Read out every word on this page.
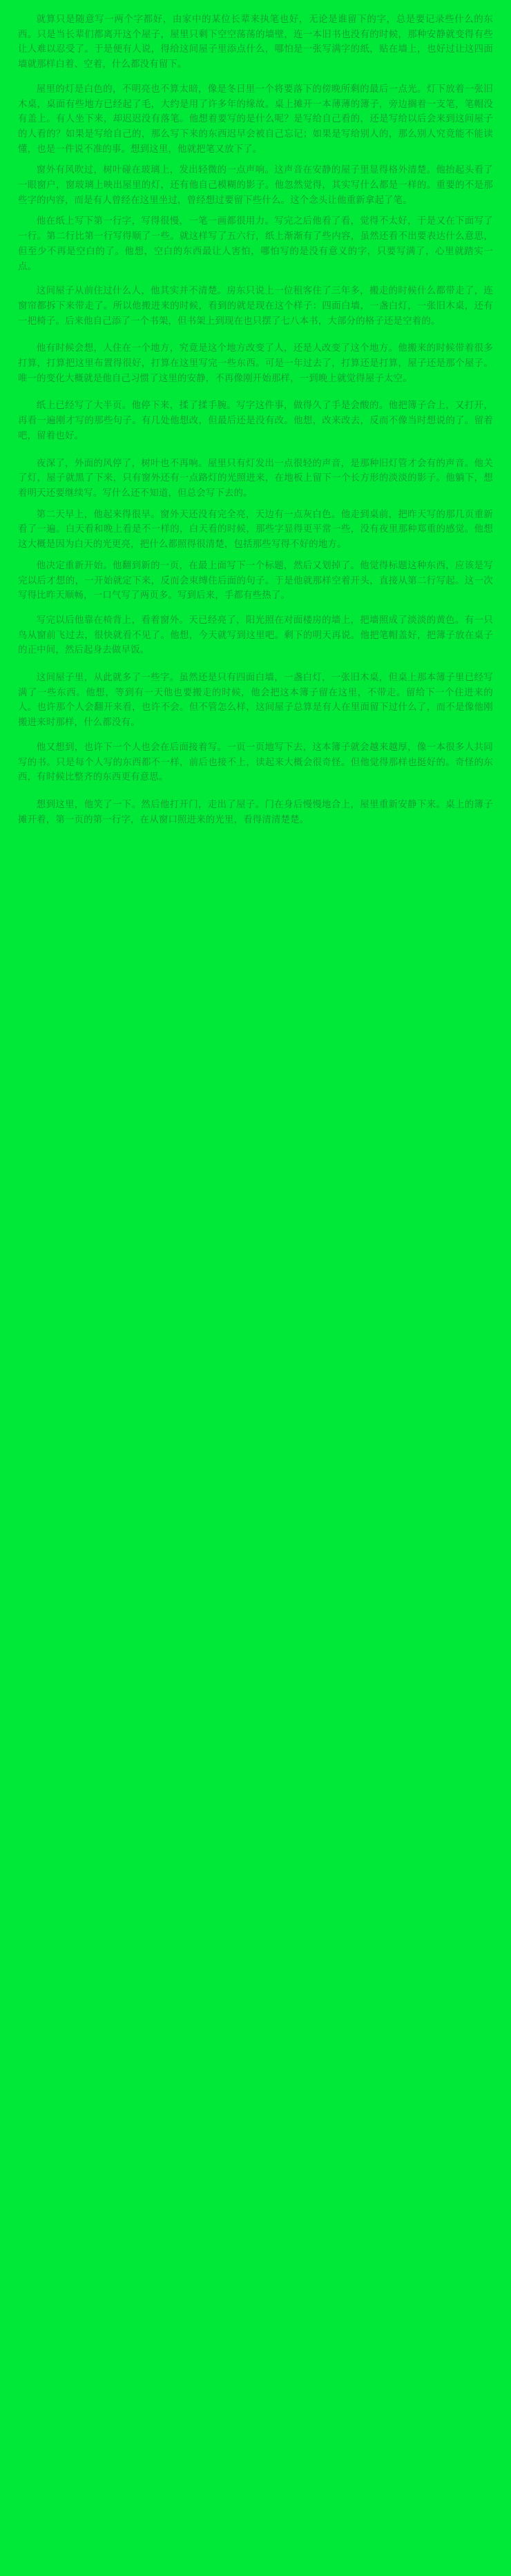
就算只是随意写一两个字都好，由家中的某位长辈来执笔也好，无论是谁留下的字，总是要记录些什么的东西。只是当长辈们都离开这个屋子，屋里只剩下空空荡荡的墙壁，连一本旧书也没有的时候，那种安静就变得有些让人难以忍受了。于是便有人说，得给这间屋子里添点什么，哪怕是一张写满字的纸，贴在墙上，也好过让这四面墙就那样白着、空着，什么都没有留下。

屋里的灯是白色的，不明亮也不算太暗，像是冬日里一个将要落下的傍晚所剩的最后一点光。灯下放着一张旧木桌，桌面有些地方已经起了毛，大约是用了许多年的缘故。桌上摊开一本薄薄的簿子，旁边搁着一支笔，笔帽没有盖上。有人坐下来，却迟迟没有落笔。他想着要写的是什么呢？是写给自己看的，还是写给以后会来到这间屋子的人看的？如果是写给自己的，那么写下来的东西迟早会被自己忘记；如果是写给别人的，那么别人究竟能不能读懂，也是一件说不准的事。想到这里，他就把笔又放下了。

窗外有风吹过，树叶碰在玻璃上，发出轻微的一点声响。这声音在安静的屋子里显得格外清楚。他抬起头看了一眼窗户，窗玻璃上映出屋里的灯，还有他自己模糊的影子。他忽然觉得，其实写什么都是一样的。重要的不是那些字的内容，而是有人曾经在这里坐过，曾经想过要留下些什么。这个念头让他重新拿起了笔。

他在纸上写下第一行字，写得很慢，一笔一画都很用力。写完之后他看了看，觉得不太好，于是又在下面写了一行。第二行比第一行写得顺了一些。就这样写了五六行，纸上渐渐有了些内容，虽然还看不出要表达什么意思，但至少不再是空白的了。他想，空白的东西最让人害怕，哪怕写的是没有意义的字，只要写满了，心里就踏实一点。

这间屋子从前住过什么人，他其实并不清楚。房东只说上一位租客住了三年多，搬走的时候什么都带走了，连窗帘都拆下来带走了。所以他搬进来的时候，看到的就是现在这个样子：四面白墙，一盏白灯，一张旧木桌，还有一把椅子。后来他自己添了一个书架，但书架上到现在也只摆了七八本书，大部分的格子还是空着的。

他有时候会想，人住在一个地方，究竟是这个地方改变了人，还是人改变了这个地方。他搬来的时候带着很多打算，打算把这里布置得很好，打算在这里写完一些东西。可是一年过去了，打算还是打算，屋子还是那个屋子。唯一的变化大概就是他自己习惯了这里的安静，不再像刚开始那样，一到晚上就觉得屋子太空。

纸上已经写了大半页。他停下来，揉了揉手腕。写字这件事，做得久了手是会酸的。他把簿子合上，又打开，再看一遍刚才写的那些句子。有几处他想改，但最后还是没有改。他想，改来改去，反而不像当时想说的了。留着吧，留着也好。

夜深了，外面的风停了，树叶也不再响。屋里只有灯发出一点很轻的声音，是那种旧灯管才会有的声音。他关了灯，屋子就黑了下来，只有窗外还有一点路灯的光照进来，在地板上留下一个长方形的淡淡的影子。他躺下，想着明天还要继续写。写什么还不知道，但总会写下去的。

第二天早上，他起来得很早。窗外天还没有完全亮，天边有一点灰白色。他走到桌前，把昨天写的那几页重新看了一遍。白天看和晚上看是不一样的，白天看的时候，那些字显得更平常一些，没有夜里那种郑重的感觉。他想这大概是因为白天的光更亮，把什么都照得很清楚，包括那些写得不好的地方。

他决定重新开始。他翻到新的一页，在最上面写下一个标题，然后又划掉了。他觉得标题这种东西，应该是写完以后才想的，一开始就定下来，反而会束缚住后面的句子。于是他就那样空着开头，直接从第二行写起。这一次写得比昨天顺畅，一口气写了两页多。写到后来，手都有些热了。

写完以后他靠在椅背上，看着窗外。天已经亮了，阳光照在对面楼房的墙上，把墙照成了淡淡的黄色。有一只鸟从窗前飞过去，很快就看不见了。他想，今天就写到这里吧。剩下的明天再说。他把笔帽盖好，把簿子放在桌子的正中间，然后起身去做早饭。

这间屋子里，从此就多了一些字。虽然还是只有四面白墙，一盏白灯，一张旧木桌，但桌上那本簿子里已经写满了一些东西。他想，等到有一天他也要搬走的时候，他会把这本簿子留在这里，不带走。留给下一个住进来的人。也许那个人会翻开来看，也许不会。但不管怎么样，这间屋子总算是有人在里面留下过什么了，而不是像他刚搬进来时那样，什么都没有。

他又想到，也许下一个人也会在后面接着写。一页一页地写下去，这本簿子就会越来越厚，像一本很多人共同写的书。只是每个人写的东西都不一样，前后也接不上，读起来大概会很奇怪。但他觉得那样也挺好的。奇怪的东西，有时候比整齐的东西更有意思。

想到这里，他笑了一下。然后他打开门，走出了屋子。门在身后慢慢地合上，屋里重新安静下来。桌上的簿子摊开着，第一页的第一行字，在从窗口照进来的光里，看得清清楚楚。
